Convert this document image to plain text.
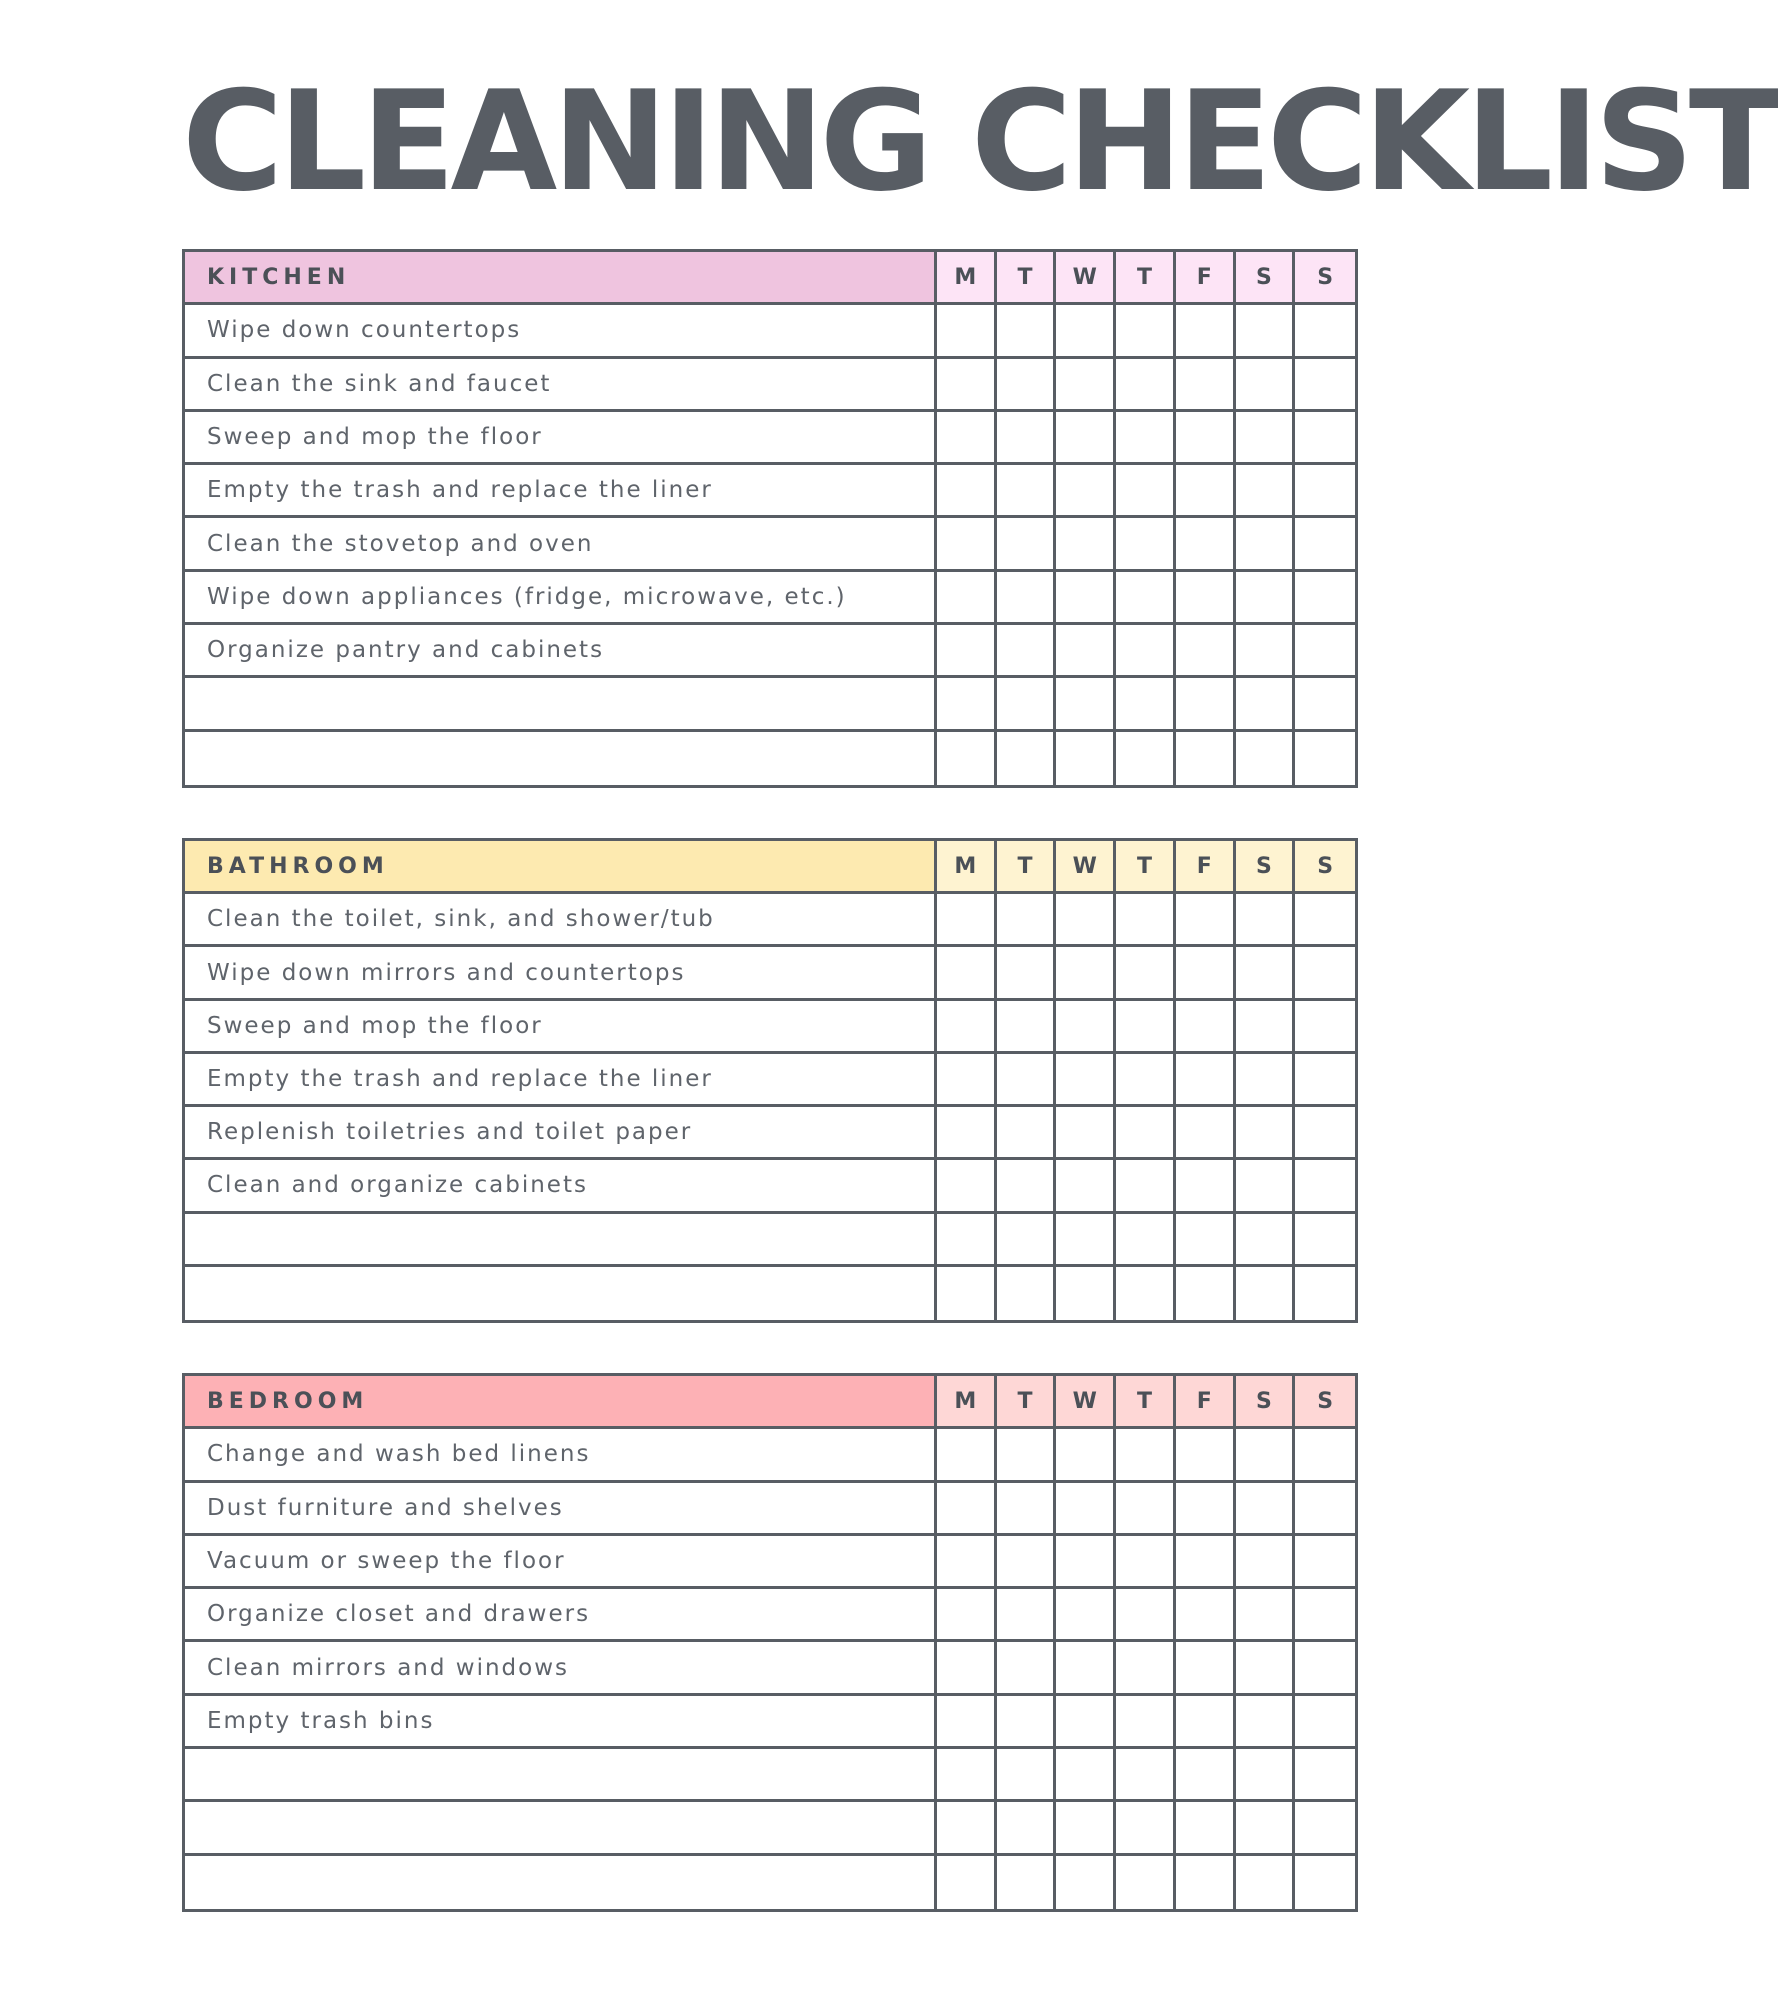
CLEANING CHECKLIST
KITCHEN	M	T	W	T	F	S	S
Wipe down countertops
Clean the sink and faucet
Sweep and mop the floor
Empty the trash and replace the liner
Clean the stovetop and oven
Wipe down appliances (fridge, microwave, etc.)
Organize pantry and cabinets
BATHROOM	M	T	W	T	F	S	S
Clean the toilet, sink, and shower/tub
Wipe down mirrors and countertops
Sweep and mop the floor
Empty the trash and replace the liner
Replenish toiletries and toilet paper
Clean and organize cabinets
BEDROOM	M	T	W	T	F	S	S
Change and wash bed linens
Dust furniture and shelves
Vacuum or sweep the floor
Organize closet and drawers
Clean mirrors and windows
Empty trash bins
